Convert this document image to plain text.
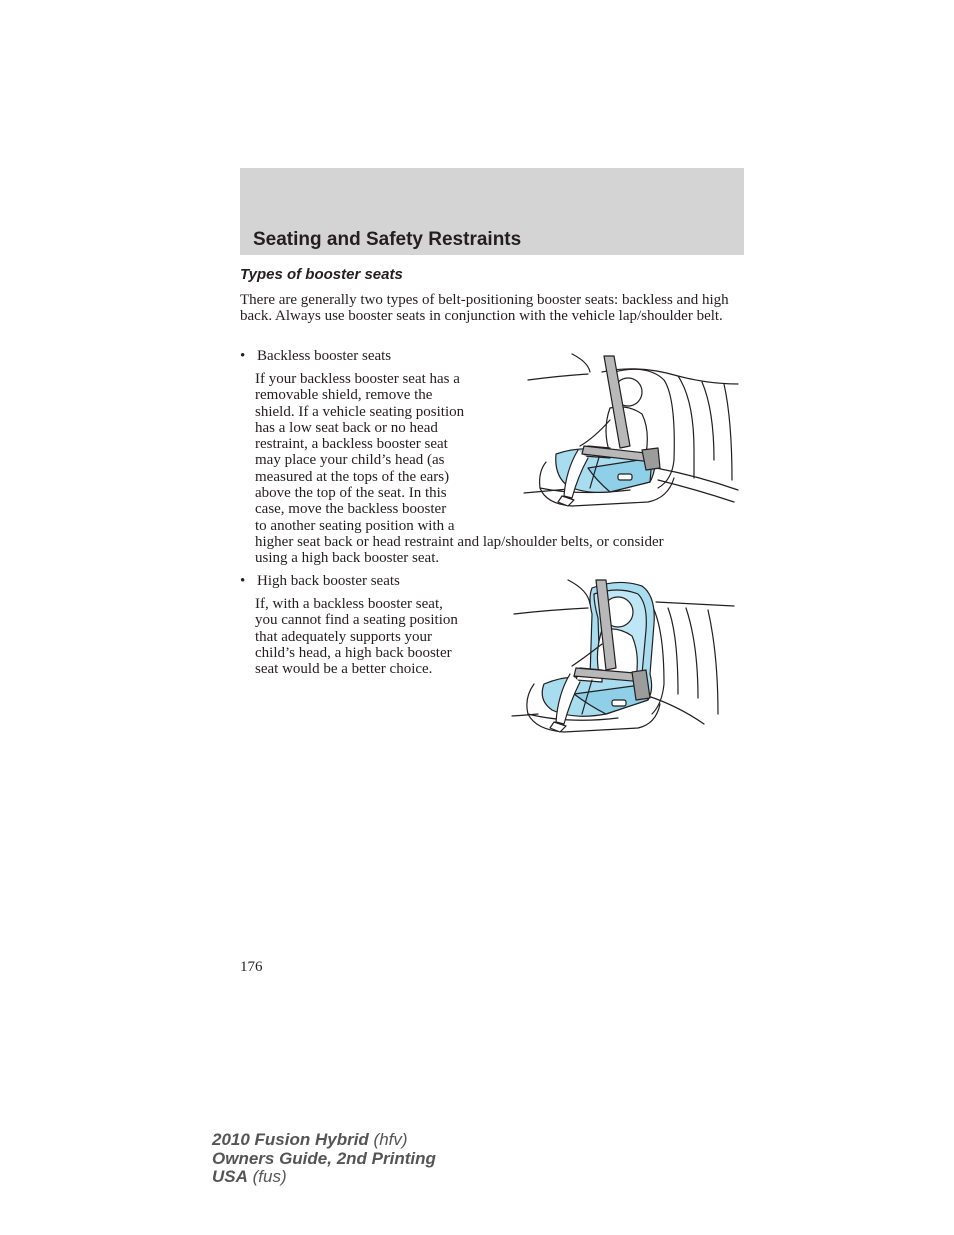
Seating and Safety Restraints
Types of booster seats

There are generally two types of belt-positioning booster seats: backless and high back. Always use booster seats in conjunction with the vehicle lap/shoulder belt.

• Backless booster seats

If your backless booster seat has a
removable shield, remove the
shield. If a vehicle seating position
has a low seat back or no head
restraint, a backless booster seat
may place your child’s head (as
measured at the tops of the ears)
above the top of the seat. In this
case, move the backless booster
to another seating position with a
higher seat back or head restraint and lap/shoulder belts, or consider
using a high back booster seat.

• High back booster seats

If, with a backless booster seat,
you cannot find a seating position
that adequately supports your
child’s head, a high back booster
seat would be a better choice.

176

2010 Fusion Hybrid (hfv)
Owners Guide, 2nd Printing
USA (fus)
